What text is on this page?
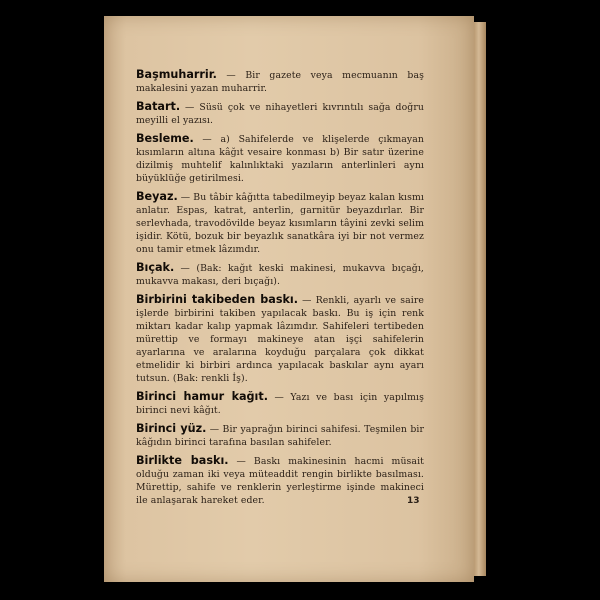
Başmuharrir. — Bir gazete veya mecmuanın baş makalesini yazan muharrir.

Batart. — Süsü çok ve nihayetleri kıvrıntılı sağa doğru meyilli el yazısı.

Besleme. — a) Sahifelerde ve klişelerde çıkmayan kısımların altına kâğıt vesaire konması b) Bir satır üzerine dizilmiş muhtelif kalınlıktaki yazıların anterlinleri aynı büyüklüğe getirilmesi.

Beyaz. — Bu tâbir kâğıtta tabedilmeyip beyaz kalan kısmı anlatır. Espas, katrat, anterlin, garnitür beyazdırlar. Bir serlevhada, travodövilde beyaz kısımların tâyini zevki selim işidir. Kötü, bozuk bir beyazlık sanatkâra iyi bir not vermez onu tamir etmek lâzımdır.

Bıçak. — (Bak: kağıt keski makinesi, mukavva bıçağı, mukavva makası, deri bıçağı).

Birbirini takibeden baskı. — Renkli, ayarlı ve saire işlerde birbirini takiben yapılacak baskı. Bu iş için renk miktarı kadar kalıp yapmak lâzımdır. Sahifeleri tertibeden mürettip ve formayı makineye atan işçi sahifelerin ayarlarına ve aralarına koyduğu parçalara çok dikkat etmelidir ki birbiri ardınca yapılacak baskılar aynı ayarı tutsun. (Bak: renkli İş).

Birinci hamur kağıt. — Yazı ve bası için yapılmış birinci nevi kâğıt.

Birinci yüz. — Bir yaprağın birinci sahifesi. Teşmilen bir kâğıdın birinci tarafına basılan sahifeler.

Birlikte baskı. — Baskı makinesinin hacmi müsait olduğu zaman iki veya müteaddit rengin birlikte basılması. Mürettip, sahife ve renklerin yerleştirme işinde makineci ile anlaşarak hareket eder.	13
